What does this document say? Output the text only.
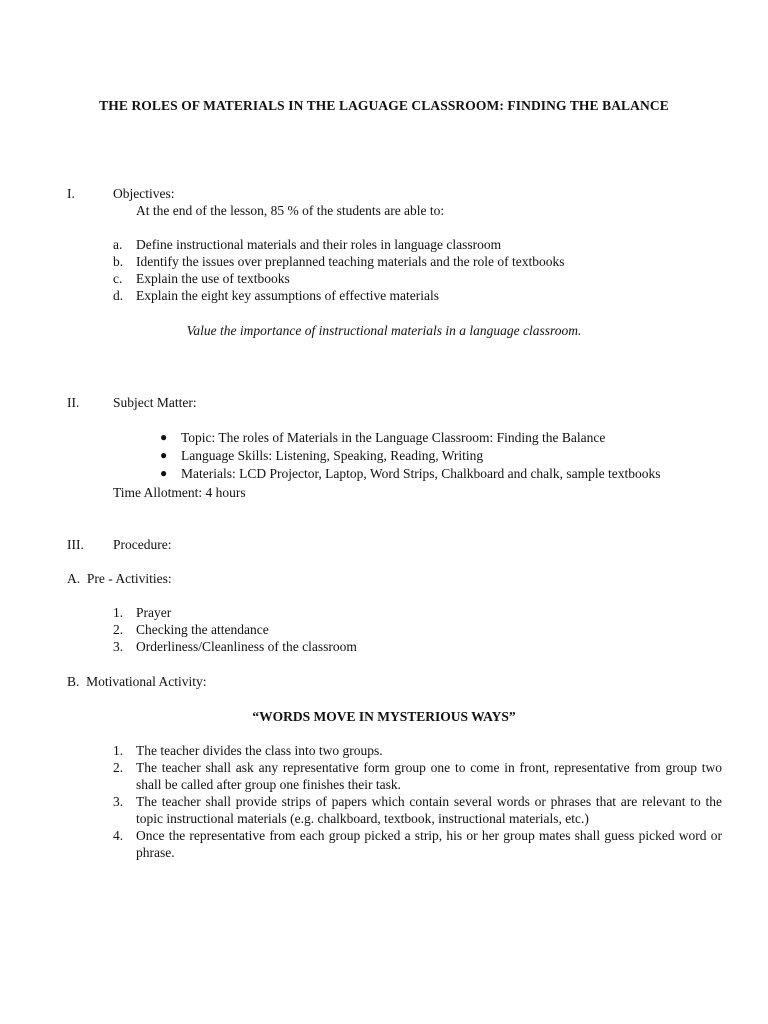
THE ROLES OF MATERIALS IN THE LAGUAGE CLASSROOM: FINDING THE BALANCE
I.	Objectives:
At the end of the lesson, 85 % of the students are able to:
a. Define instructional materials and their roles in language classroom
b. Identify the issues over preplanned teaching materials and the role of textbooks
c. Explain the use of textbooks
d. Explain the eight key assumptions of effective materials
Value the importance of instructional materials in a language classroom.
II. Subject Matter:
● Topic: The roles of Materials in the Language Classroom: Finding the Balance
● Language Skills: Listening, Speaking, Reading, Writing
● Materials: LCD Projector, Laptop, Word Strips, Chalkboard and chalk, sample textbooks
Time Allotment: 4 hours
III. Procedure:
A.  Pre - Activities:
1. Prayer
2. Checking the attendance
3. Orderliness/Cleanliness of the classroom
B.  Motivational Activity:
“WORDS MOVE IN MYSTERIOUS WAYS”
1. The teacher divides the class into two groups.
2. The teacher shall ask any representative form group one to come in front, representative from group two shall be called after group one finishes their task.
3. The teacher shall provide strips of papers which contain several words or phrases that are relevant to the topic instructional materials (e.g. chalkboard, textbook, instructional materials, etc.)
4. Once the representative from each group picked a strip, his or her group mates shall guess picked word or phrase.
